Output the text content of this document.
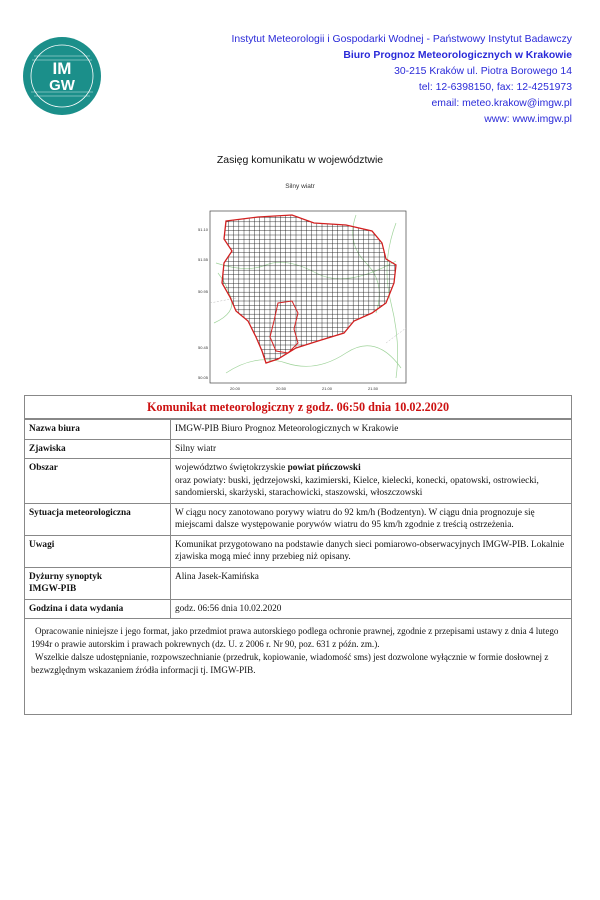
IM
GW
Instytut Meteorologii i Gospodarki Wodnej - Państwowy Instytut Badawczy
Biuro Prognoz Meteorologicznych w Krakowie
30-215 Kraków ul. Piotra Borowego 14
tel: 12-6398150, fax: 12-4251973
email: meteo.krakow@imgw.pl
www: www.imgw.pl
Zasięg komunikatu w województwie
Silny wiatr
51.10
51.55
50.95
50.45
50.05
20.00	20.50	21.00	21.50
Komunikat meteorologiczny z godz. 06:50 dnia 10.02.2020
Nazwa biura	IMGW-PIB Biuro Prognoz Meteorologicznych w Krakowie
Zjawiska	Silny wiatr
Obszar	województwo świętokrzyskie powiat pińczowski
oraz powiaty: buski, jędrzejowski, kazimierski, Kielce, kielecki, konecki, opatowski, ostrowiecki, sandomierski, skarżyski, starachowicki, staszowski, włoszczowski
Sytuacja meteorologiczna	W ciągu nocy zanotowano porywy wiatru do 92 km/h (Bodzentyn). W ciągu dnia prognozuje się miejscami dalsze występowanie porywów wiatru do 95 km/h zgodnie z treścią ostrzeżenia.
Uwagi	Komunikat przygotowano na podstawie danych sieci pomiarowo-obserwacyjnych IMGW-PIB. Lokalnie zjawiska mogą mieć inny przebieg niż opisany.
Dyżurny synoptyk
IMGW-PIB	Alina Jasek-Kamińska
Godzina i data wydania	godz. 06:56 dnia 10.02.2020

Opracowanie niniejsze i jego format, jako przedmiot prawa autorskiego podlega ochronie prawnej, zgodnie z przepisami ustawy z dnia 4 lutego 1994r o prawie autorskim i prawach pokrewnych (dz. U. z 2006 r. Nr 90, poz. 631 z późn. zm.).

Wszelkie dalsze udostępnianie, rozpowszechnianie (przedruk, kopiowanie, wiadomość sms) jest dozwolone wyłącznie w formie dosłownej z bezwzględnym wskazaniem źródła informacji tj. IMGW-PIB.
